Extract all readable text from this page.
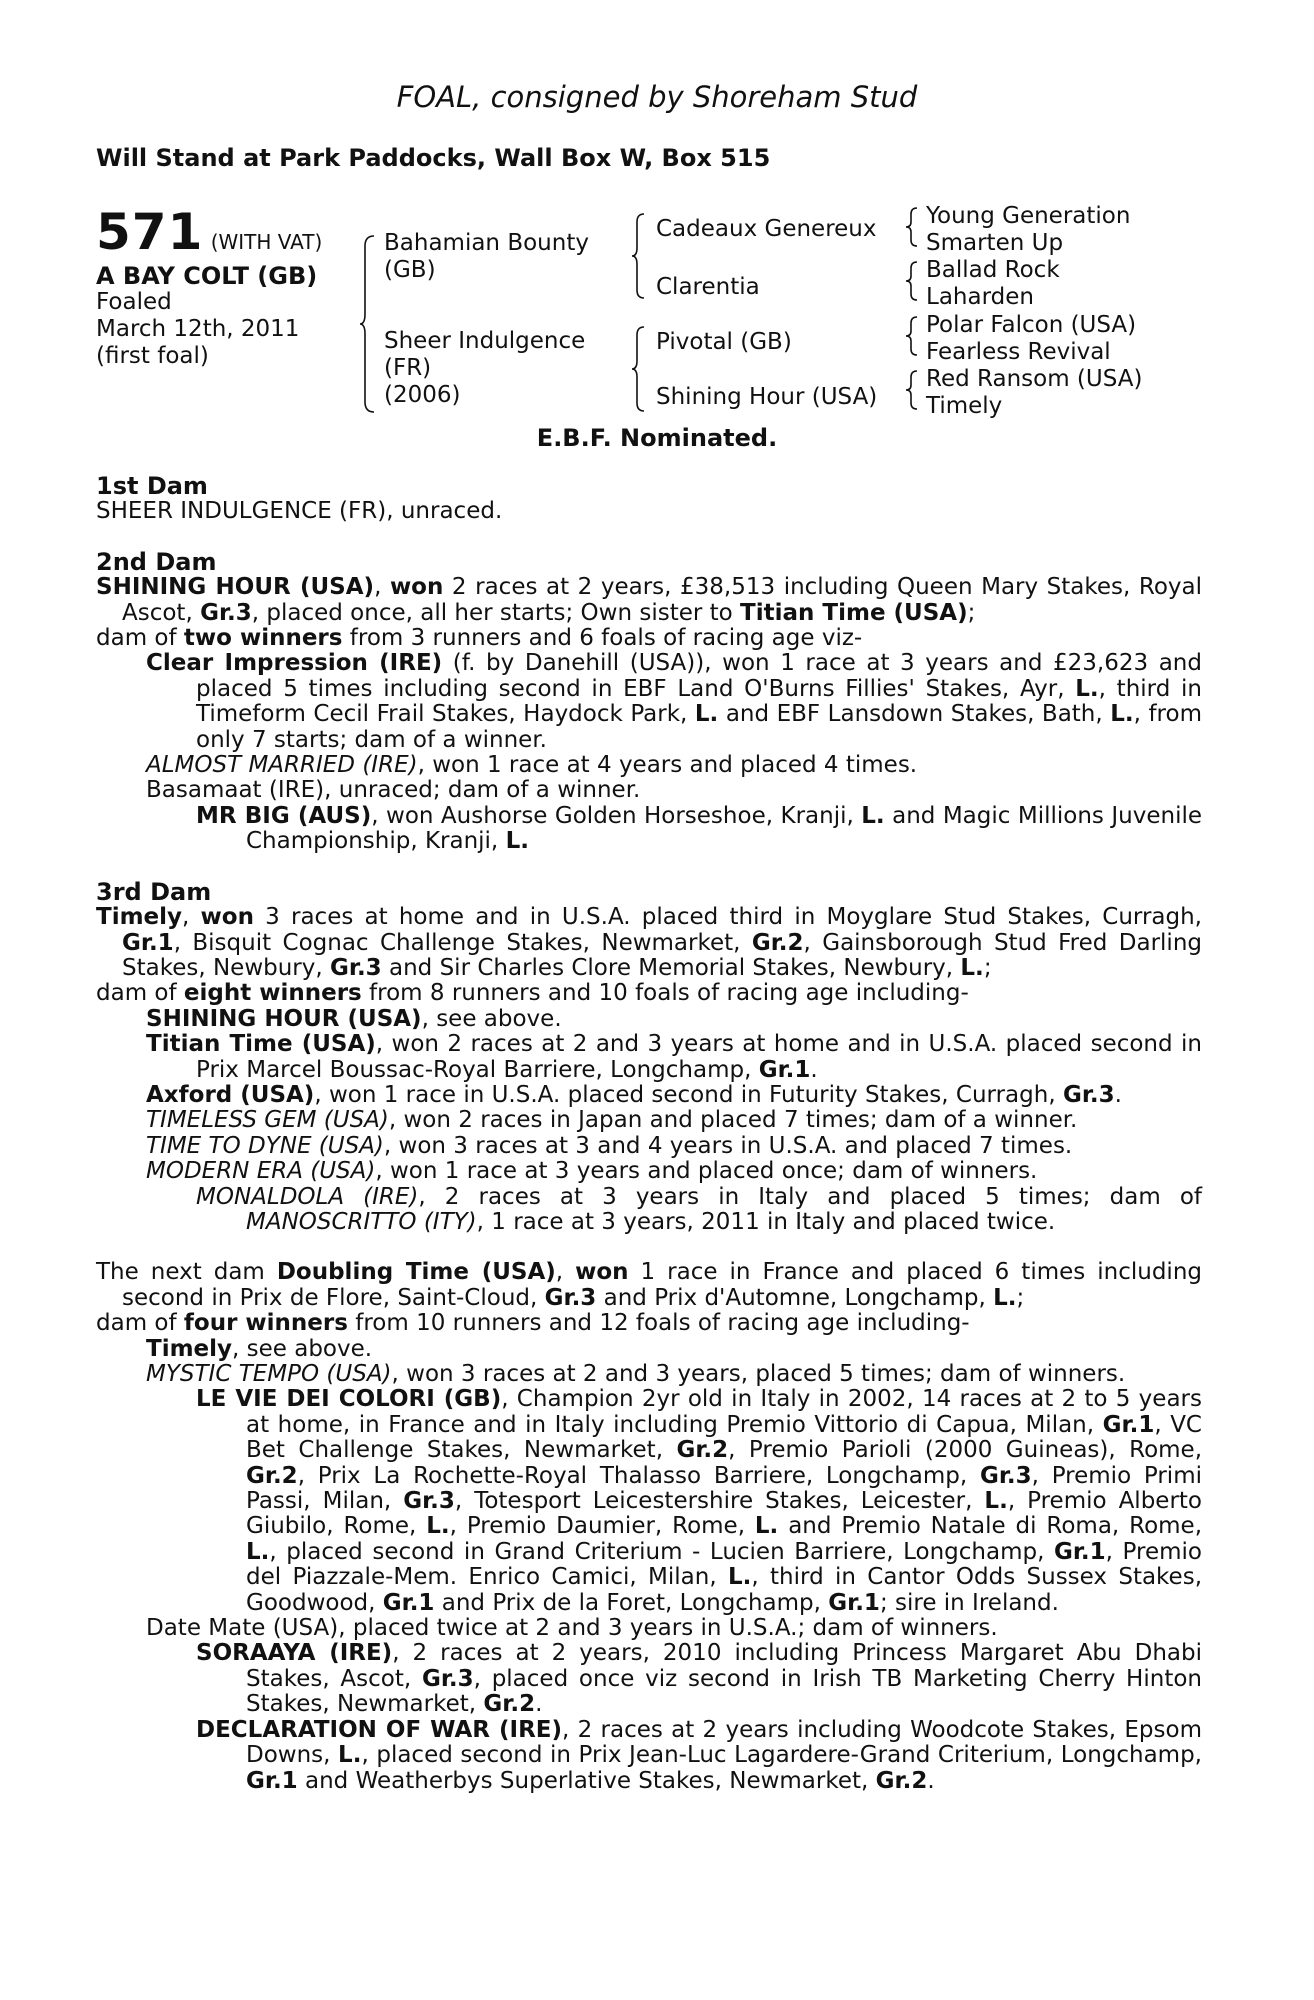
FOAL, consigned by Shoreham Stud
Will Stand at Park Paddocks, Wall Box W, Box 515
571 (WITH VAT)
A BAY COLT (GB)
Foaled
March 12th, 2011
(first foal)
Bahamian Bounty
(GB)
Sheer Indulgence
(FR)
(2006)
Cadeaux Genereux
Clarentia
Pivotal (GB)
Shining Hour (USA)
Young Generation
Smarten Up
Ballad Rock
Laharden
Polar Falcon (USA)
Fearless Revival
Red Ransom (USA)
Timely
E.B.F. Nominated.
1st Dam
SHEER INDULGENCE (FR), unraced.
2nd Dam
SHINING HOUR (USA), won 2 races at 2 years, £38,513 including Queen Mary Stakes, Royal Ascot, Gr.3, placed once, all her starts; Own sister to Titian Time (USA);
dam of two winners from 3 runners and 6 foals of racing age viz-
Clear Impression (IRE) (f. by Danehill (USA)), won 1 race at 3 years and £23,623 and placed 5 times including second in EBF Land O'Burns Fillies' Stakes, Ayr, L., third in Timeform Cecil Frail Stakes, Haydock Park, L. and EBF Lansdown Stakes, Bath, L., from only 7 starts; dam of a winner.
ALMOST MARRIED (IRE), won 1 race at 4 years and placed 4 times.
Basamaat (IRE), unraced; dam of a winner.
MR BIG (AUS), won Aushorse Golden Horseshoe, Kranji, L. and Magic Millions Juvenile Championship, Kranji, L.
3rd Dam
Timely, won 3 races at home and in U.S.A. placed third in Moyglare Stud Stakes, Curragh, Gr.1, Bisquit Cognac Challenge Stakes, Newmarket, Gr.2, Gainsborough Stud Fred Darling Stakes, Newbury, Gr.3 and Sir Charles Clore Memorial Stakes, Newbury, L.;
dam of eight winners from 8 runners and 10 foals of racing age including-
SHINING HOUR (USA), see above.
Titian Time (USA), won 2 races at 2 and 3 years at home and in U.S.A. placed second in Prix Marcel Boussac-Royal Barriere, Longchamp, Gr.1.
Axford (USA), won 1 race in U.S.A. placed second in Futurity Stakes, Curragh, Gr.3.
TIMELESS GEM (USA), won 2 races in Japan and placed 7 times; dam of a winner.
TIME TO DYNE (USA), won 3 races at 3 and 4 years in U.S.A. and placed 7 times.
MODERN ERA (USA), won 1 race at 3 years and placed once; dam of winners.
MONALDOLA (IRE), 2 races at 3 years in Italy and placed 5 times; dam of MANOSCRITTO (ITY), 1 race at 3 years, 2011 in Italy and placed twice.
The next dam Doubling Time (USA), won 1 race in France and placed 6 times including second in Prix de Flore, Saint-Cloud, Gr.3 and Prix d'Automne, Longchamp, L.;
dam of four winners from 10 runners and 12 foals of racing age including-
Timely, see above.
MYSTIC TEMPO (USA), won 3 races at 2 and 3 years, placed 5 times; dam of winners.
LE VIE DEI COLORI (GB), Champion 2yr old in Italy in 2002, 14 races at 2 to 5 years at home, in France and in Italy including Premio Vittorio di Capua, Milan, Gr.1, VC Bet Challenge Stakes, Newmarket, Gr.2, Premio Parioli (2000 Guineas), Rome, Gr.2, Prix La Rochette-Royal Thalasso Barriere, Longchamp, Gr.3, Premio Primi Passi, Milan, Gr.3, Totesport Leicestershire Stakes, Leicester, L., Premio Alberto Giubilo, Rome, L., Premio Daumier, Rome, L. and Premio Natale di Roma, Rome, L., placed second in Grand Criterium - Lucien Barriere, Longchamp, Gr.1, Premio del Piazzale-Mem. Enrico Camici, Milan, L., third in Cantor Odds Sussex Stakes, Goodwood, Gr.1 and Prix de la Foret, Longchamp, Gr.1; sire in Ireland.
Date Mate (USA), placed twice at 2 and 3 years in U.S.A.; dam of winners.
SORAAYA (IRE), 2 races at 2 years, 2010 including Princess Margaret Abu Dhabi Stakes, Ascot, Gr.3, placed once viz second in Irish TB Marketing Cherry Hinton Stakes, Newmarket, Gr.2.
DECLARATION OF WAR (IRE), 2 races at 2 years including Woodcote Stakes, Epsom Downs, L., placed second in Prix Jean-Luc Lagardere-Grand Criterium, Longchamp, Gr.1 and Weatherbys Superlative Stakes, Newmarket, Gr.2.
